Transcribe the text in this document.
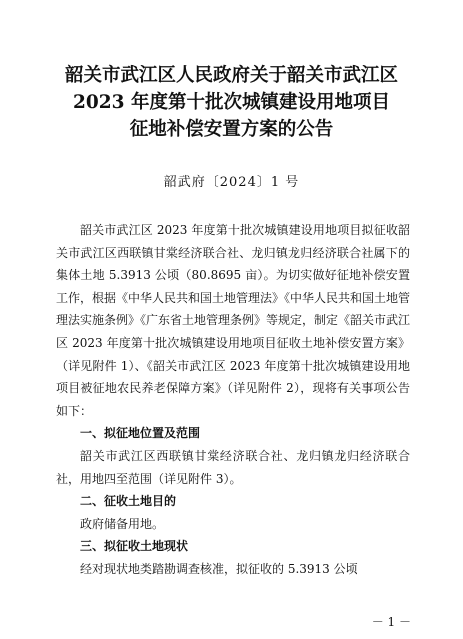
韶关市武江区人民政府关于韶关市武江区
2023 年度第十批次城镇建设用地项目
征地补偿安置方案的公告
韶武府〔2024〕1 号

韶关市武江区 2023 年度第十批次城镇建设用地项目拟征收韶关市武江区西联镇甘棠经济联合社、龙归镇龙归经济联合社属下的集体土地 5.3913 公顷（80.8695 亩）。为切实做好征地补偿安置工作，根据《中华人民共和国土地管理法》《中华人民共和国土地管理法实施条例》《广东省土地管理条例》等规定，制定《韶关市武江区 2023 年度第十批次城镇建设用地项目征收土地补偿安置方案》（详见附件 1）、《韶关市武江区 2023 年度第十批次城镇建设用地项目被征地农民养老保障方案》（详见附件 2），现将有关事项公告如下：

一、拟征地位置及范围

韶关市武江区西联镇甘棠经济联合社、龙归镇龙归经济联合社，用地四至范围（详见附件 3）。

二、征收土地目的

政府储备用地。

三、拟征收土地现状

经对现状地类踏勘调查核准，拟征收的 5.3913 公顷

－ 1 －
